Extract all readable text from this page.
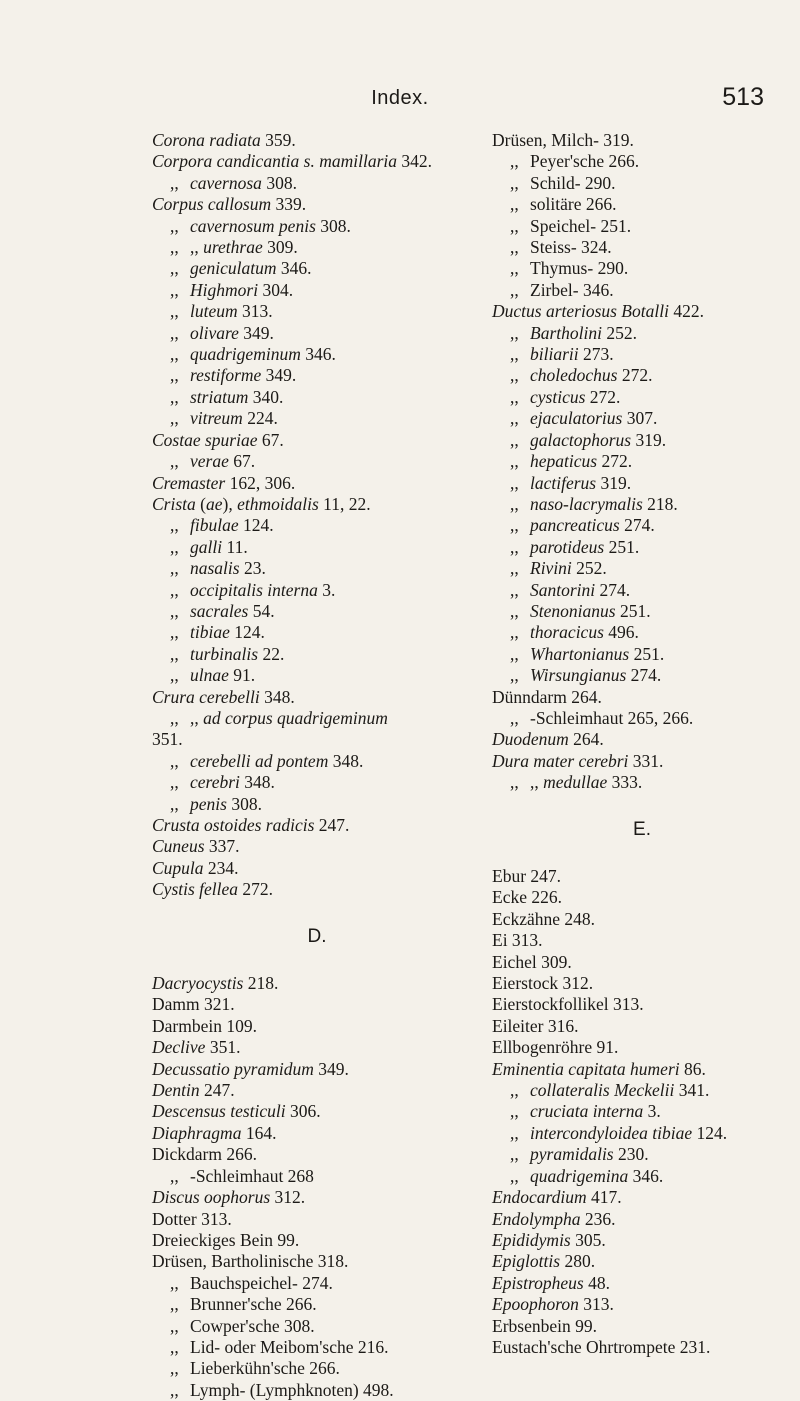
Index.	513
Corona radiata 359.
Corpora candicantia s. mamillaria 342.
,, cavernosa 308.
Corpus callosum 339.
,, cavernosum penis 308.
,, ,, urethrae 309.
,, geniculatum 346.
,, Highmori 304.
,, luteum 313.
,, olivare 349.
,, quadrigeminum 346.
,, restiforme 349.
,, striatum 340.
,, vitreum 224.
Costae spuriae 67.
,, verae 67.
Cremaster 162, 306.
Crista (ae), ethmoidalis 11, 22.
,, fibulae 124.
,, galli 11.
,, nasalis 23.
,, occipitalis interna 3.
,, sacrales 54.
,, tibiae 124.
,, turbinalis 22.
,, ulnae 91.
Crura cerebelli 348.
,, ,, ad corpus quadrigeminum
351.
,, cerebelli ad pontem 348.
,, cerebri 348.
,, penis 308.
Crusta ostoides radicis 247.
Cuneus 337.
Cupula 234.
Cystis fellea 272.
D.
Dacryocystis 218.
Damm 321.
Darmbein 109.
Declive 351.
Decussatio pyramidum 349.
Dentin 247.
Descensus testiculi 306.
Diaphragma 164.
Dickdarm 266.
,, -Schleimhaut 268
Discus oophorus 312.
Dotter 313.
Dreieckiges Bein 99.
Drüsen, Bartholinische 318.
,, Bauchspeichel- 274.
,, Brunner'sche 266.
,, Cowper'sche 308.
,, Lid- oder Meibom'sche 216.
,, Lieberkühn'sche 266.
,, Lymph- (Lymphknoten) 498.
Drüsen, Milch- 319.
,, Peyer'sche 266.
,, Schild- 290.
,, solitäre 266.
,, Speichel- 251.
,, Steiss- 324.
,, Thymus- 290.
,, Zirbel- 346.
Ductus arteriosus Botalli 422.
,, Bartholini 252.
,, biliarii 273.
,, choledochus 272.
,, cysticus 272.
,, ejaculatorius 307.
,, galactophorus 319.
,, hepaticus 272.
,, lactiferus 319.
,, naso-lacrymalis 218.
,, pancreaticus 274.
,, parotideus 251.
,, Rivini 252.
,, Santorini 274.
,, Stenonianus 251.
,, thoracicus 496.
,, Whartonianus 251.
,, Wirsungianus 274.
Dünndarm 264.
,, -Schleimhaut 265, 266.
Duodenum 264.
Dura mater cerebri 331.
,, ,, medullae 333.
E.
Ebur 247.
Ecke 226.
Eckzähne 248.
Ei 313.
Eichel 309.
Eierstock 312.
Eierstockfollikel 313.
Eileiter 316.
Ellbogenröhre 91.
Eminentia capitata humeri 86.
,, collateralis Meckelii 341.
,, cruciata interna 3.
,, intercondyloidea tibiae 124.
,, pyramidalis 230.
,, quadrigemina 346.
Endocardium 417.
Endolympha 236.
Epididymis 305.
Epiglottis 280.
Epistropheus 48.
Epoophoron 313.
Erbsenbein 99.
Eustach'sche Ohrtrompete 231.
